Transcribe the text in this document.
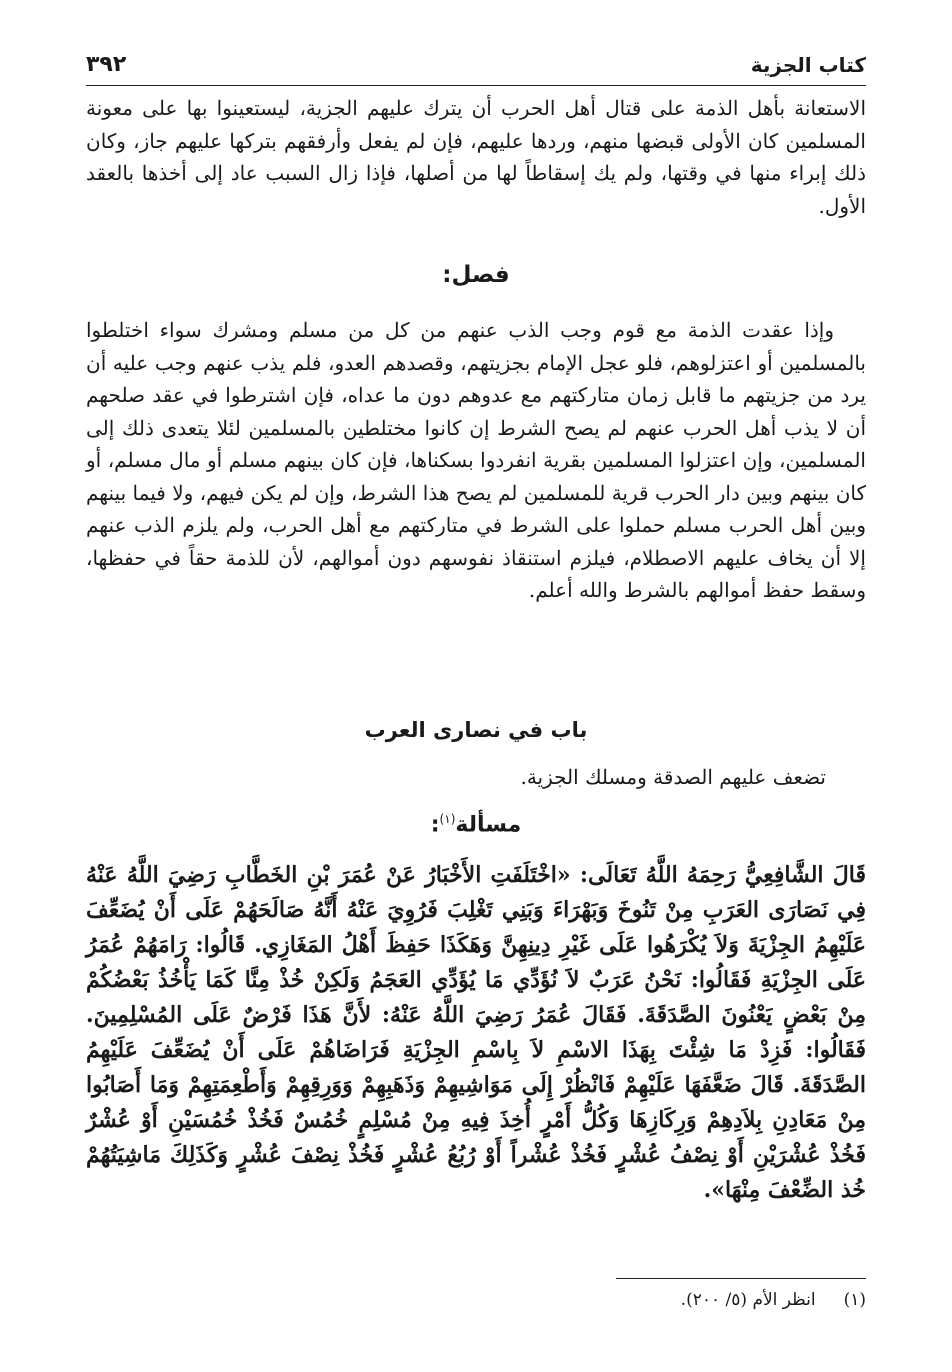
كتاب الجزية
٣٩٢

الاستعانة بأهل الذمة على قتال أهل الحرب أن يترك عليهم الجزية، ليستعينوا بها على معونة المسلمين كان الأولى قبضها منهم، وردها عليهم، فإن لم يفعل وأرفقهم بتركها عليهم جاز، وكان ذلك إبراء منها في وقتها، ولم يك إسقاطاً لها من أصلها، فإذا زال السبب عاد إلى أخذها بالعقد الأول.

فصل:

وإذا عقدت الذمة مع قوم وجب الذب عنهم من كل من مسلم ومشرك سواء اختلطوا بالمسلمين أو اعتزلوهم، فلو عجل الإمام بجزيتهم، وقصدهم العدو، فلم يذب عنهم وجب عليه أن يرد من جزيتهم ما قابل زمان متاركتهم مع عدوهم دون ما عداه، فإن اشترطوا في عقد صلحهم أن لا يذب أهل الحرب عنهم لم يصح الشرط إن كانوا مختلطين بالمسلمين لئلا يتعدى ذلك إلى المسلمين، وإن اعتزلوا المسلمين بقرية انفردوا بسكناها، فإن كان بينهم مسلم أو مال مسلم، أو كان بينهم وبين دار الحرب قرية للمسلمين لم يصح هذا الشرط، وإن لم يكن فيهم، ولا فيما بينهم وبين أهل الحرب مسلم حملوا على الشرط في متاركتهم مع أهل الحرب، ولم يلزم الذب عنهم إلا أن يخاف عليهم الاصطلام، فيلزم استنقاذ نفوسهم دون أموالهم، لأن للذمة حقاً في حفظها، وسقط حفظ أموالهم بالشرط والله أعلم.

باب في نصارى العرب

تضعف عليهم الصدقة ومسلك الجزية.

مسألة$^{(١)}$:

قَالَ الشَّافِعِيُّ رَحِمَهُ اللَّهُ تَعَالَى: «اخْتَلَفَتِ الأَخْبَارُ عَنْ عُمَرَ بْنِ الخَطَّابِ رَضِيَ اللَّهُ عَنْهُ فِي نَصَارَى العَرَبِ مِنْ تَنُوخَ وَبَهْرَاءَ وَبَنِي تَغْلِبَ فَرُوِيَ عَنْهُ أَنَّهُ صَالَحَهُمْ عَلَى أَنْ يُضَعِّفَ عَلَيْهِمُ الجِزْيَةَ وَلاَ يُكْرَهُوا عَلَى غَيْرِ دِينِهِنَّ وَهَكَذَا حَفِظَ أَهْلُ المَغَازِي. قَالُوا: رَامَهُمْ عُمَرُ عَلَى الجِزْيَةِ فَقَالُوا: نَحْنُ عَرَبٌ لاَ نُؤَدِّي مَا يُؤَدِّي العَجَمُ وَلَكِنْ خُذْ مِنَّا كَمَا يَأْخُذُ بَعْضُكُمْ مِنْ بَعْضٍ يَعْنُونَ الصَّدَقَةَ. فَقَالَ عُمَرُ رَضِيَ اللَّهُ عَنْهُ: لأَنَّ هَذَا فَرْضٌ عَلَى المُسْلِمِينَ. فَقَالُوا: فَزِدْ مَا شِئْتَ بِهَذَا الاسْمِ لاَ بِاسْمِ الجِزْيَةِ فَرَاضَاهُمْ عَلَى أَنْ يُضَعِّفَ عَلَيْهِمُ الصَّدَقَةَ. قَالَ ضَعَّفَهَا عَلَيْهِمْ فَانْظُرْ إِلَى مَوَاشِيهِمْ وَذَهَبِهِمْ وَوَرِقِهِمْ وَأَطْعِمَتِهِمْ وَمَا أَصَابُوا مِنْ مَعَادِنِ بِلاَدِهِمْ وَرِكَازِهَا وَكُلُّ أَمْرٍ أُخِذَ فِيهِ مِنْ مُسْلِمٍ خُمُسٌ فَخُذْ خُمُسَيْنِ أَوْ عُشْرٌ فَخُذْ عُشْرَيْنِ أَوْ نِصْفُ عُشْرٍ فَخُذْ عُشْراً أَوْ رُبُعُ عُشْرٍ فَخُذْ نِصْفَ عُشْرٍ وَكَذَلِكَ مَاشِيَتُهُمْ خُذ الضِّعْفَ مِنْهَا».

(١)انظر الأم (٥/ ٢٠٠).
